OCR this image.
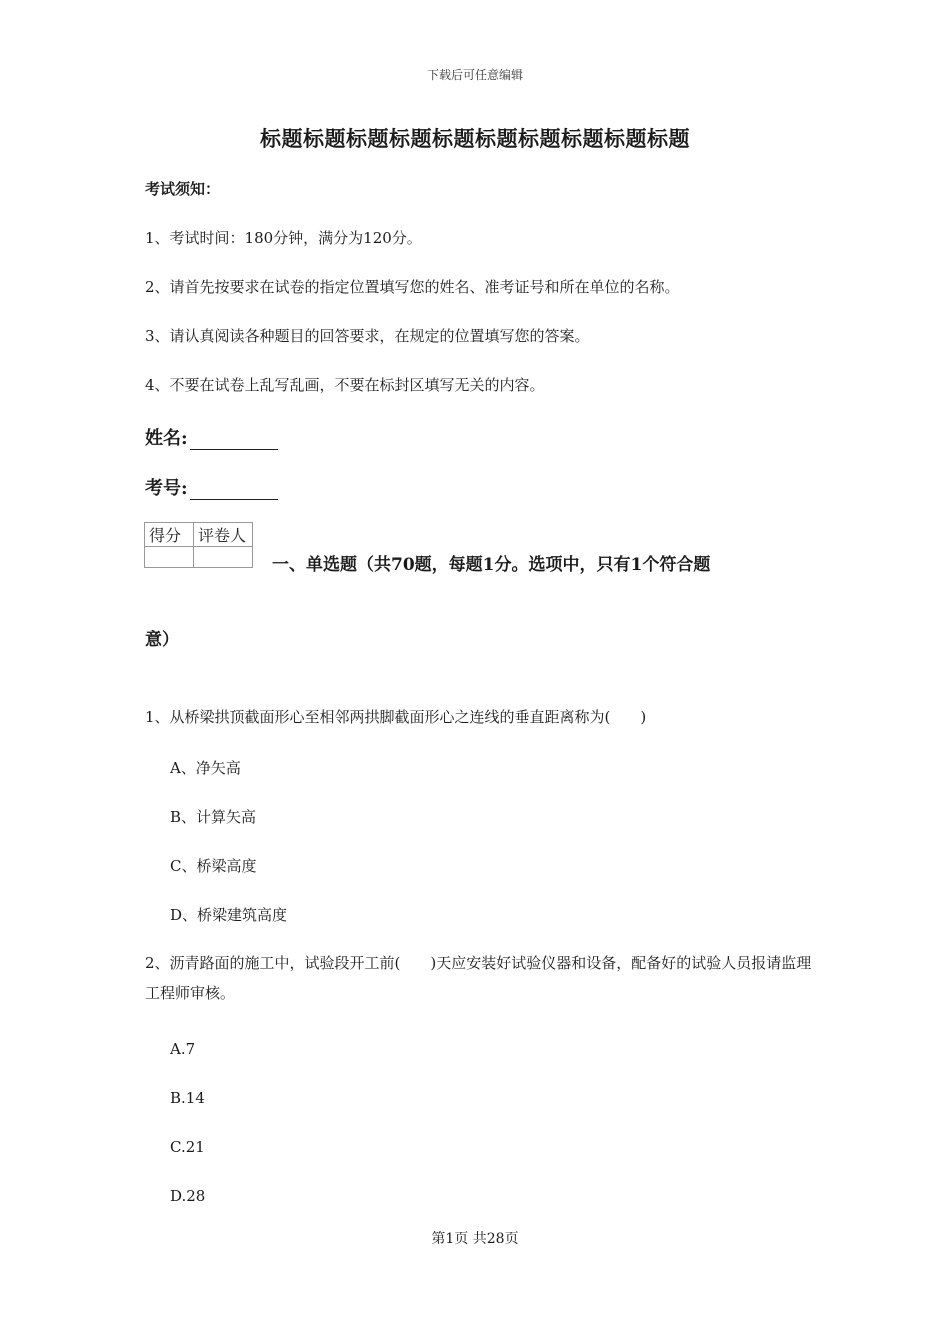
下载后可任意编辑
标题标题标题标题标题标题标题标题标题标题
考试须知：
1、考试时间：180分钟，满分为120分。
2、请首先按要求在试卷的指定位置填写您的姓名、准考证号和所在单位的名称。
3、请认真阅读各种题目的回答要求，在规定的位置填写您的答案。
4、不要在试卷上乱写乱画，不要在标封区填写无关的内容。
姓名:
考号:
得分	评卷人

一、单选题（共70题，每题1分。选项中，只有1个符合题
意）
1、从桥梁拱顶截面形心至相邻两拱脚截面形心之连线的垂直距离称为(　　)
A、净矢高
B、计算矢高
C、桥梁高度
D、桥梁建筑高度
2、沥青路面的施工中，试验段开工前(　　)天应安装好试验仪器和设备，配备好的试验人员报请监理工程师审核。
A.7
B.14
C.21
D.28
第1页 共28页
